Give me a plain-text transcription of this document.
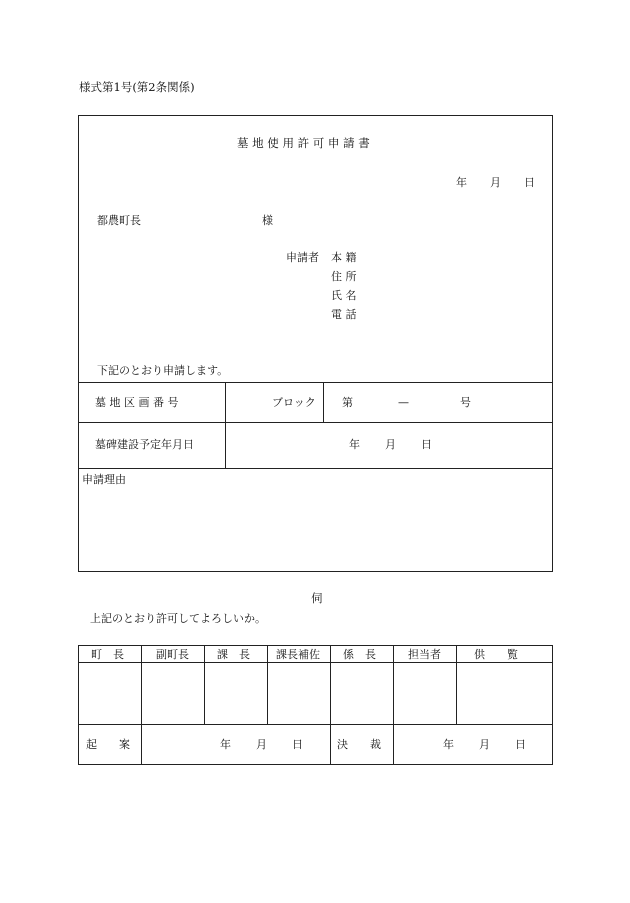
様式第1号(第2条関係)
墓 地 使 用 許 可 申 請 書
年 月 日
都農町長	様
申請者 本 籍
住 所
氏 名
電 話
下記のとおり申請します。
墓 地 区 画 番 号	ブロック 第	—	号
墓碑建設予定年月日	年 月 日
申請理由
伺
上記のとおり許可してよろしいか。
町　長	副町長	課　長 課長補佐 係　長	担当者	供　　覧
起　　案	年 月 日	決　　裁	年 月 日
